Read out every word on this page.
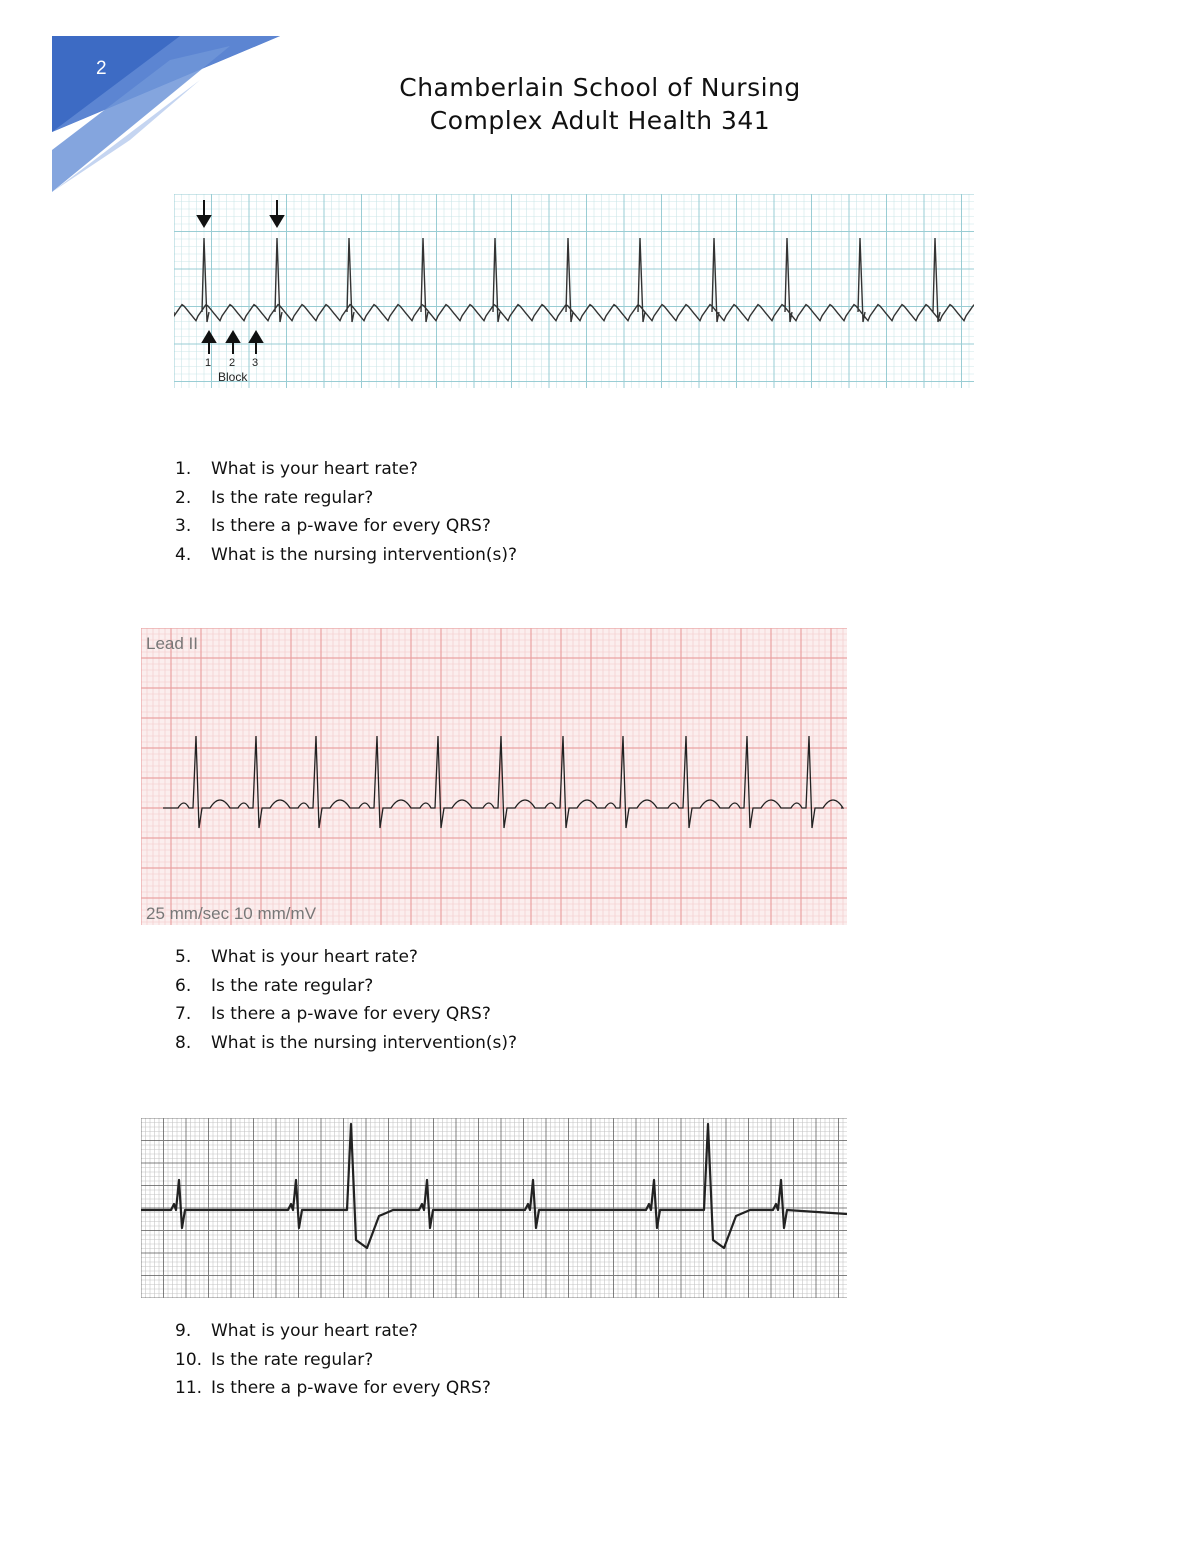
2
Chamberlain School of Nursing
Complex Adult Health 341
1 2 3
Block
1. What is your heart rate?
2. Is the rate regular?
3. Is there a p-wave for every QRS?
4. What is the nursing intervention(s)?
Lead II
25 mm/sec 10 mm/mV
5. What is your heart rate?
6. Is the rate regular?
7. Is there a p-wave for every QRS?
8. What is the nursing intervention(s)?
9. What is your heart rate?
10. Is the rate regular?
11. Is there a p-wave for every QRS?
